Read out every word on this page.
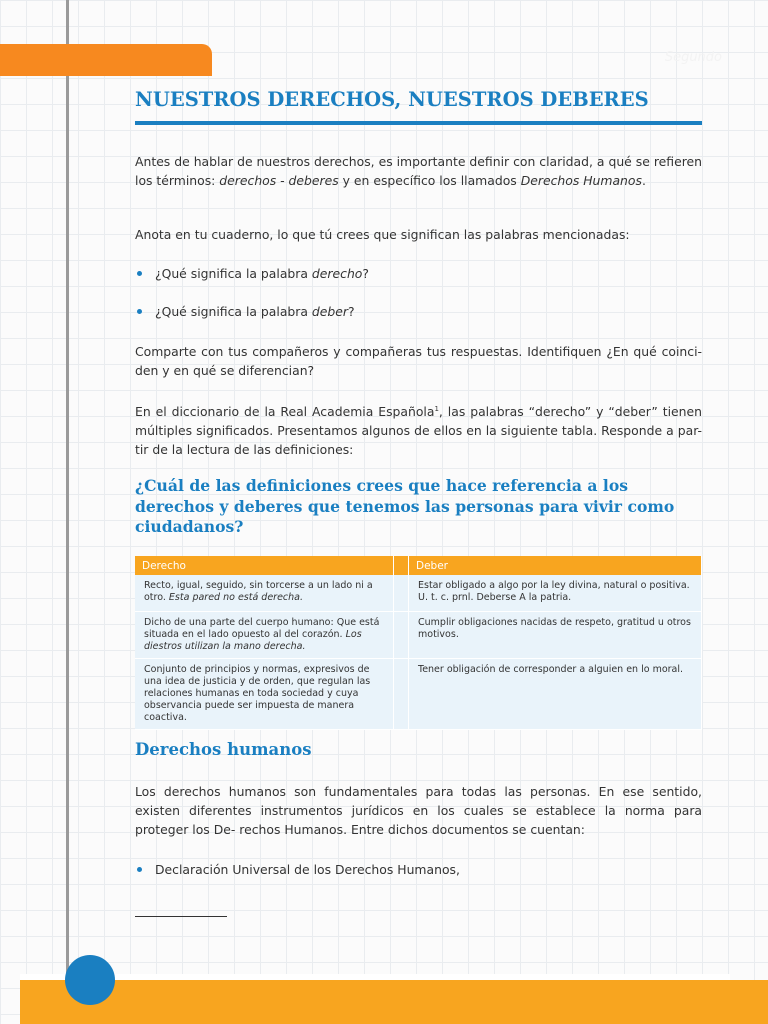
Segundo
NUESTROS DERECHOS, NUESTROS DEBERES

Antes de hablar de nuestros derechos, es importante definir con claridad, a qué se refieren los términos: derechos - deberes y en específico los llamados Derechos Humanos.

Anota en tu cuaderno, lo que tú crees que significan las palabras mencionadas:

¿Qué significa la palabra derecho?

¿Qué significa la palabra deber?

Comparte con tus compañeros y compañeras tus respuestas. Identifiquen ¿En qué coinci- den y en qué se diferencian?

En el diccionario de la Real Academia Española$^1$, las palabras “derecho” y “deber” tienen múltiples significados. Presentamos algunos de ellos en la siguiente tabla. Responde a par- tir de la lectura de las definiciones:

¿Cuál de las definiciones crees que hace referencia a los derechos y deberes que tenemos las personas para vivir como ciudadanos?
Derecho		Deber
Recto, igual, seguido, sin torcerse a un lado ni a otro. Esta pared no está derecha.		Estar obligado a algo por la ley divina, natural o positiva. U. t. c. prnl. Deberse A la patria.
Dicho de una parte del cuerpo humano: Que está situada en el lado opuesto al del corazón. Los diestros utilizan la mano derecha.		Cumplir obligaciones nacidas de respeto, gratitud u otros motivos.
Conjunto de principios y normas, expresivos de una idea de justicia y de orden, que regulan las relaciones humanas en toda sociedad y cuya observancia puede ser impuesta de manera coactiva.		Tener obligación de corresponder a alguien en lo moral.
Derechos humanos

Los derechos humanos son fundamentales para todas las personas. En ese sentido, existen diferentes instrumentos jurídicos en los cuales se establece la norma para proteger los De- rechos Humanos. Entre dichos documentos se cuentan:

Declaración Universal de los Derechos Humanos,
